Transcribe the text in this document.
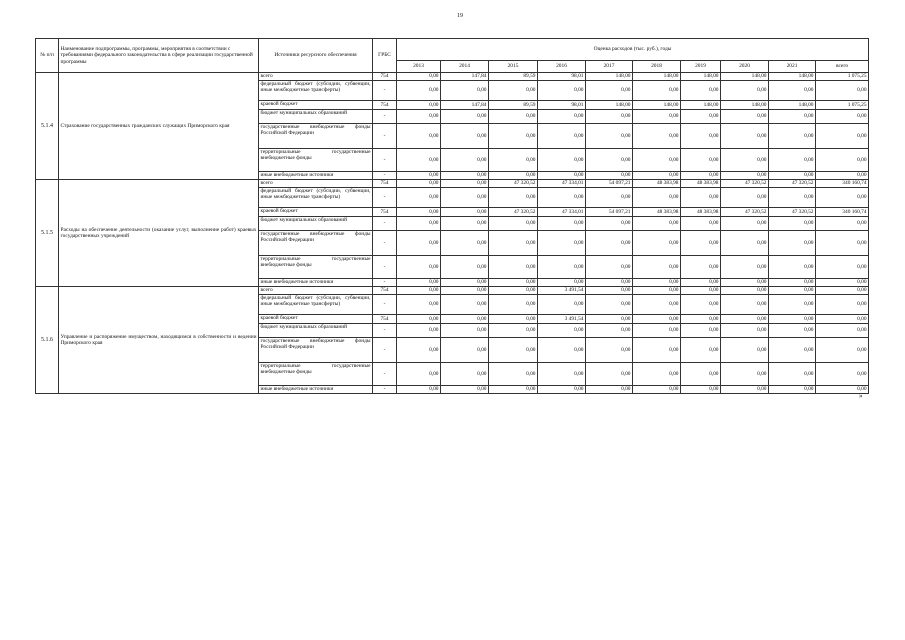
19
№ п/п	Наименование подпрограммы, программы, мероприятия в соответствии с требованиями федерального законодательства в сфере реализации государственной программы	Источники ресурсного обеспечения	ГРБС	Оценка расходов (тыс. руб.), годы									
				2013	2014	2015	2016	2017	2018	2019	2020	2021	всего
5.1.4	Страхование государственных гражданских служащих Приморского края	всего	754	0,00	147,84	89,59	98,01	148,00	148,00	148,00	148,00	148,00	1 075,25
		федеральный бюджет (субсидии, субвенции, иные межбюджетные трансферты)	-	0,00	0,00	0,00	0,00	0,00	0,00	0,00	0,00	0,00	0,00
		краевой бюджет	754	0,00	147,84	89,59	98,01	148,00	148,00	148,00	148,00	148,00	1 075,25
		бюджет муниципальных образований	-	0,00	0,00	0,00	0,00	0,00	0,00	0,00	0,00	0,00	0,00
		государственные внебюджетные фонды Российской Федерации	-	0,00	0,00	0,00	0,00	0,00	0,00	0,00	0,00	0,00	0,00
		территориальные государственные внебюджетные фонды	-	0,00	0,00	0,00	0,00	0,00	0,00	0,00	0,00	0,00	0,00
		иные внебюджетные источники	-	0,00	0,00	0,00	0,00	0,00	0,00	0,00	0,00	0,00	0,00
5.1.5	Расходы на обеспечение деятельности (оказание услуг, выполнение работ) краевых государственных учреждений	всего	754	0,00	0,00	47 320,52	47 334,01	54 097,21	48 383,98	48 383,98	47 320,52	47 320,52	340 160,74
		федеральный бюджет (субсидии, субвенции, иные межбюджетные трансферты)	-	0,00	0,00	0,00	0,00	0,00	0,00	0,00	0,00	0,00	0,00
		краевой бюджет	754	0,00	0,00	47 320,52	47 334,01	54 097,21	48 383,98	48 383,98	47 320,52	47 320,52	340 160,74
		бюджет муниципальных образований	-	0,00	0,00	0,00	0,00	0,00	0,00	0,00	0,00	0,00	0,00
		государственные внебюджетные фонды Российской Федерации	-	0,00	0,00	0,00	0,00	0,00	0,00	0,00	0,00	0,00	0,00
		территориальные государственные внебюджетные фонды	-	0,00	0,00	0,00	0,00	0,00	0,00	0,00	0,00	0,00	0,00
		иные внебюджетные источники	-	0,00	0,00	0,00	0,00	0,00	0,00	0,00	0,00	0,00	0,00
5.1.6	Управление и распоряжение имуществом, находящимся в собственности и ведении Приморского края	всего	754	0,00	0,00	0,00	3 491,54	0,00	0,00	0,00	0,00	0,00	0,00
		федеральный бюджет (субсидии, субвенции, иные межбюджетные трансферты)	-	0,00	0,00	0,00	0,00	0,00	0,00	0,00	0,00	0,00	0,00
		краевой бюджет	754	0,00	0,00	0,00	3 491,54	0,00	0,00	0,00	0,00	0,00	0,00
		бюджет муниципальных образований	-	0,00	0,00	0,00	0,00	0,00	0,00	0,00	0,00	0,00	0,00
		государственные внебюджетные фонды Российской Федерации	-	0,00	0,00	0,00	0,00	0,00	0,00	0,00	0,00	0,00	0,00
		территориальные государственные внебюджетные фонды	-	0,00	0,00	0,00	0,00	0,00	0,00	0,00	0,00	0,00	0,00
		иные внебюджетные источники	-	0,00	0,00	0,00	0,00	0,00	0,00	0,00	0,00	0,00	0,00
»
